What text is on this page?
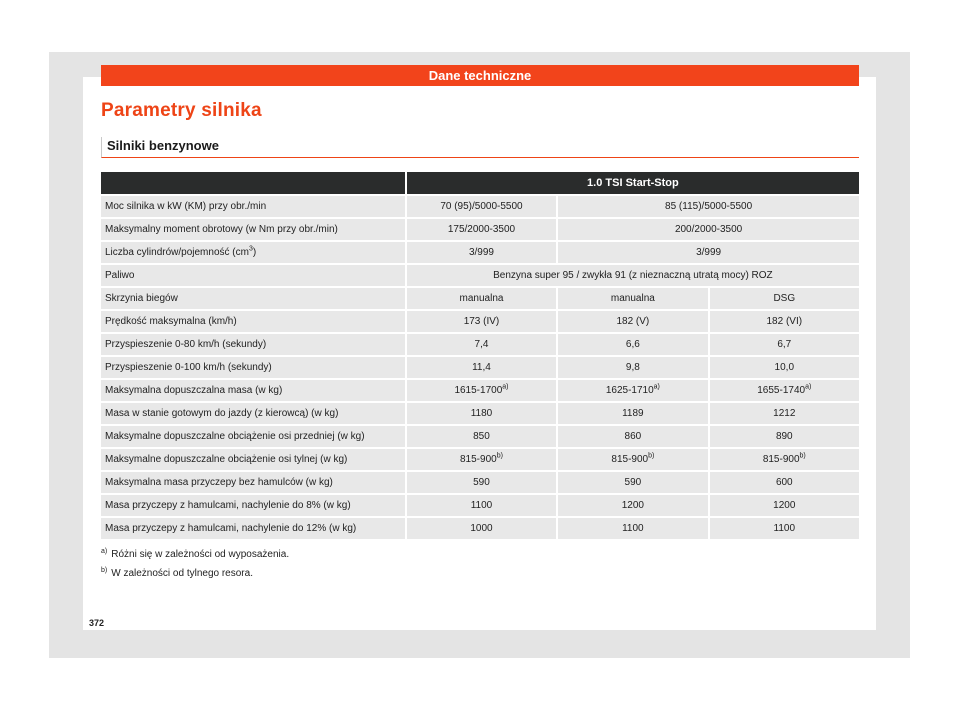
Dane techniczne
Parametry silnika
Silniki benzynowe
	1.0 TSI Start-Stop		
Moc silnika w kW (KM) przy obr./min	70 (95)/5000-5500	85 (115)/5000-5500	
Maksymalny moment obrotowy (w Nm przy obr./min)	175/2000-3500	200/2000-3500	
Liczba cylindrów/pojemność $(cm^3)$	3/999	3/999	
Paliwo	Benzyna super 95 / zwykła 91 (z nieznaczną utratą mocy) ROZ		
Skrzynia biegów	manualna	manualna	DSG
Prędkość maksymalna (km/h)	173 (IV)	182 (V)	182 (VI)
Przyspieszenie 0-80 km/h (sekundy)	7,4	6,6	6,7
Przyspieszenie 0-100 km/h (sekundy)	11,4	9,8	10,0
Maksymalna dopuszczalna masa (w kg)	1615-1700$^{a)}$	1625-1710$^{a)}$	1655-1740$^{a)}$
Masa w stanie gotowym do jazdy (z kierowcą) (w kg)	1180	1189	1212
Maksymalne dopuszczalne obciążenie osi przedniej (w kg)	850	860	890
Maksymalne dopuszczalne obciążenie osi tylnej (w kg)	815-900$^{b)}$	815-900$^{b)}$	815-900$^{b)}$
Maksymalna masa przyczepy bez hamulców (w kg)	590	590	600
Masa przyczepy z hamulcami, nachylenie do 8% (w kg)	1100	1200	1200
Masa przyczepy z hamulcami, nachylenie do 12% (w kg)	1000	1100	1100
$^{a)}$ Różni się w zależności od wyposażenia.
$^{b)}$ W zależności od tylnego resora.
372
